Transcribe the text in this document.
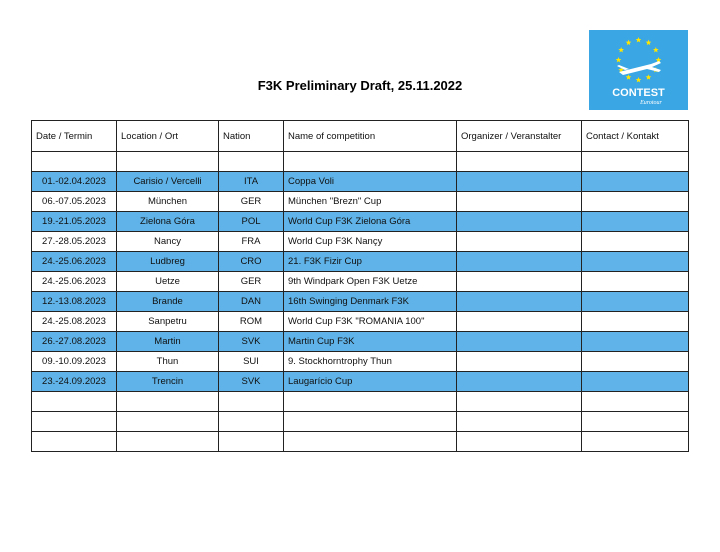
CONTEST
Eurotour
F3K Preliminary Draft, 25.11.2022
Date / Termin	Location / Ort	Nation	Name of competition	Organizer / Veranstalter	Contact / Kontakt

01.-02.04.2023	Carisio / Vercelli	ITA	Coppa Voli		
06.-07.05.2023	München	GER	München "Brezn" Cup		
19.-21.05.2023	Zielona Góra	POL	World Cup F3K Zielona Góra		
27.-28.05.2023	Nancy	FRA	World Cup F3K Nançy		
24.-25.06.2023	Ludbreg	CRO	21. F3K Fizir Cup		
24.-25.06.2023	Uetze	GER	9th Windpark Open F3K Uetze		
12.-13.08.2023	Brande	DAN	16th Swinging Denmark F3K		
24.-25.08.2023	Sanpetru	ROM	World Cup F3K "ROMANIA 100"		
26.-27.08.2023	Martin	SVK	Martin Cup F3K		
09.-10.09.2023	Thun	SUI	9. Stockhorntrophy Thun		
23.-24.09.2023	Trencin	SVK	Laugarício Cup		
